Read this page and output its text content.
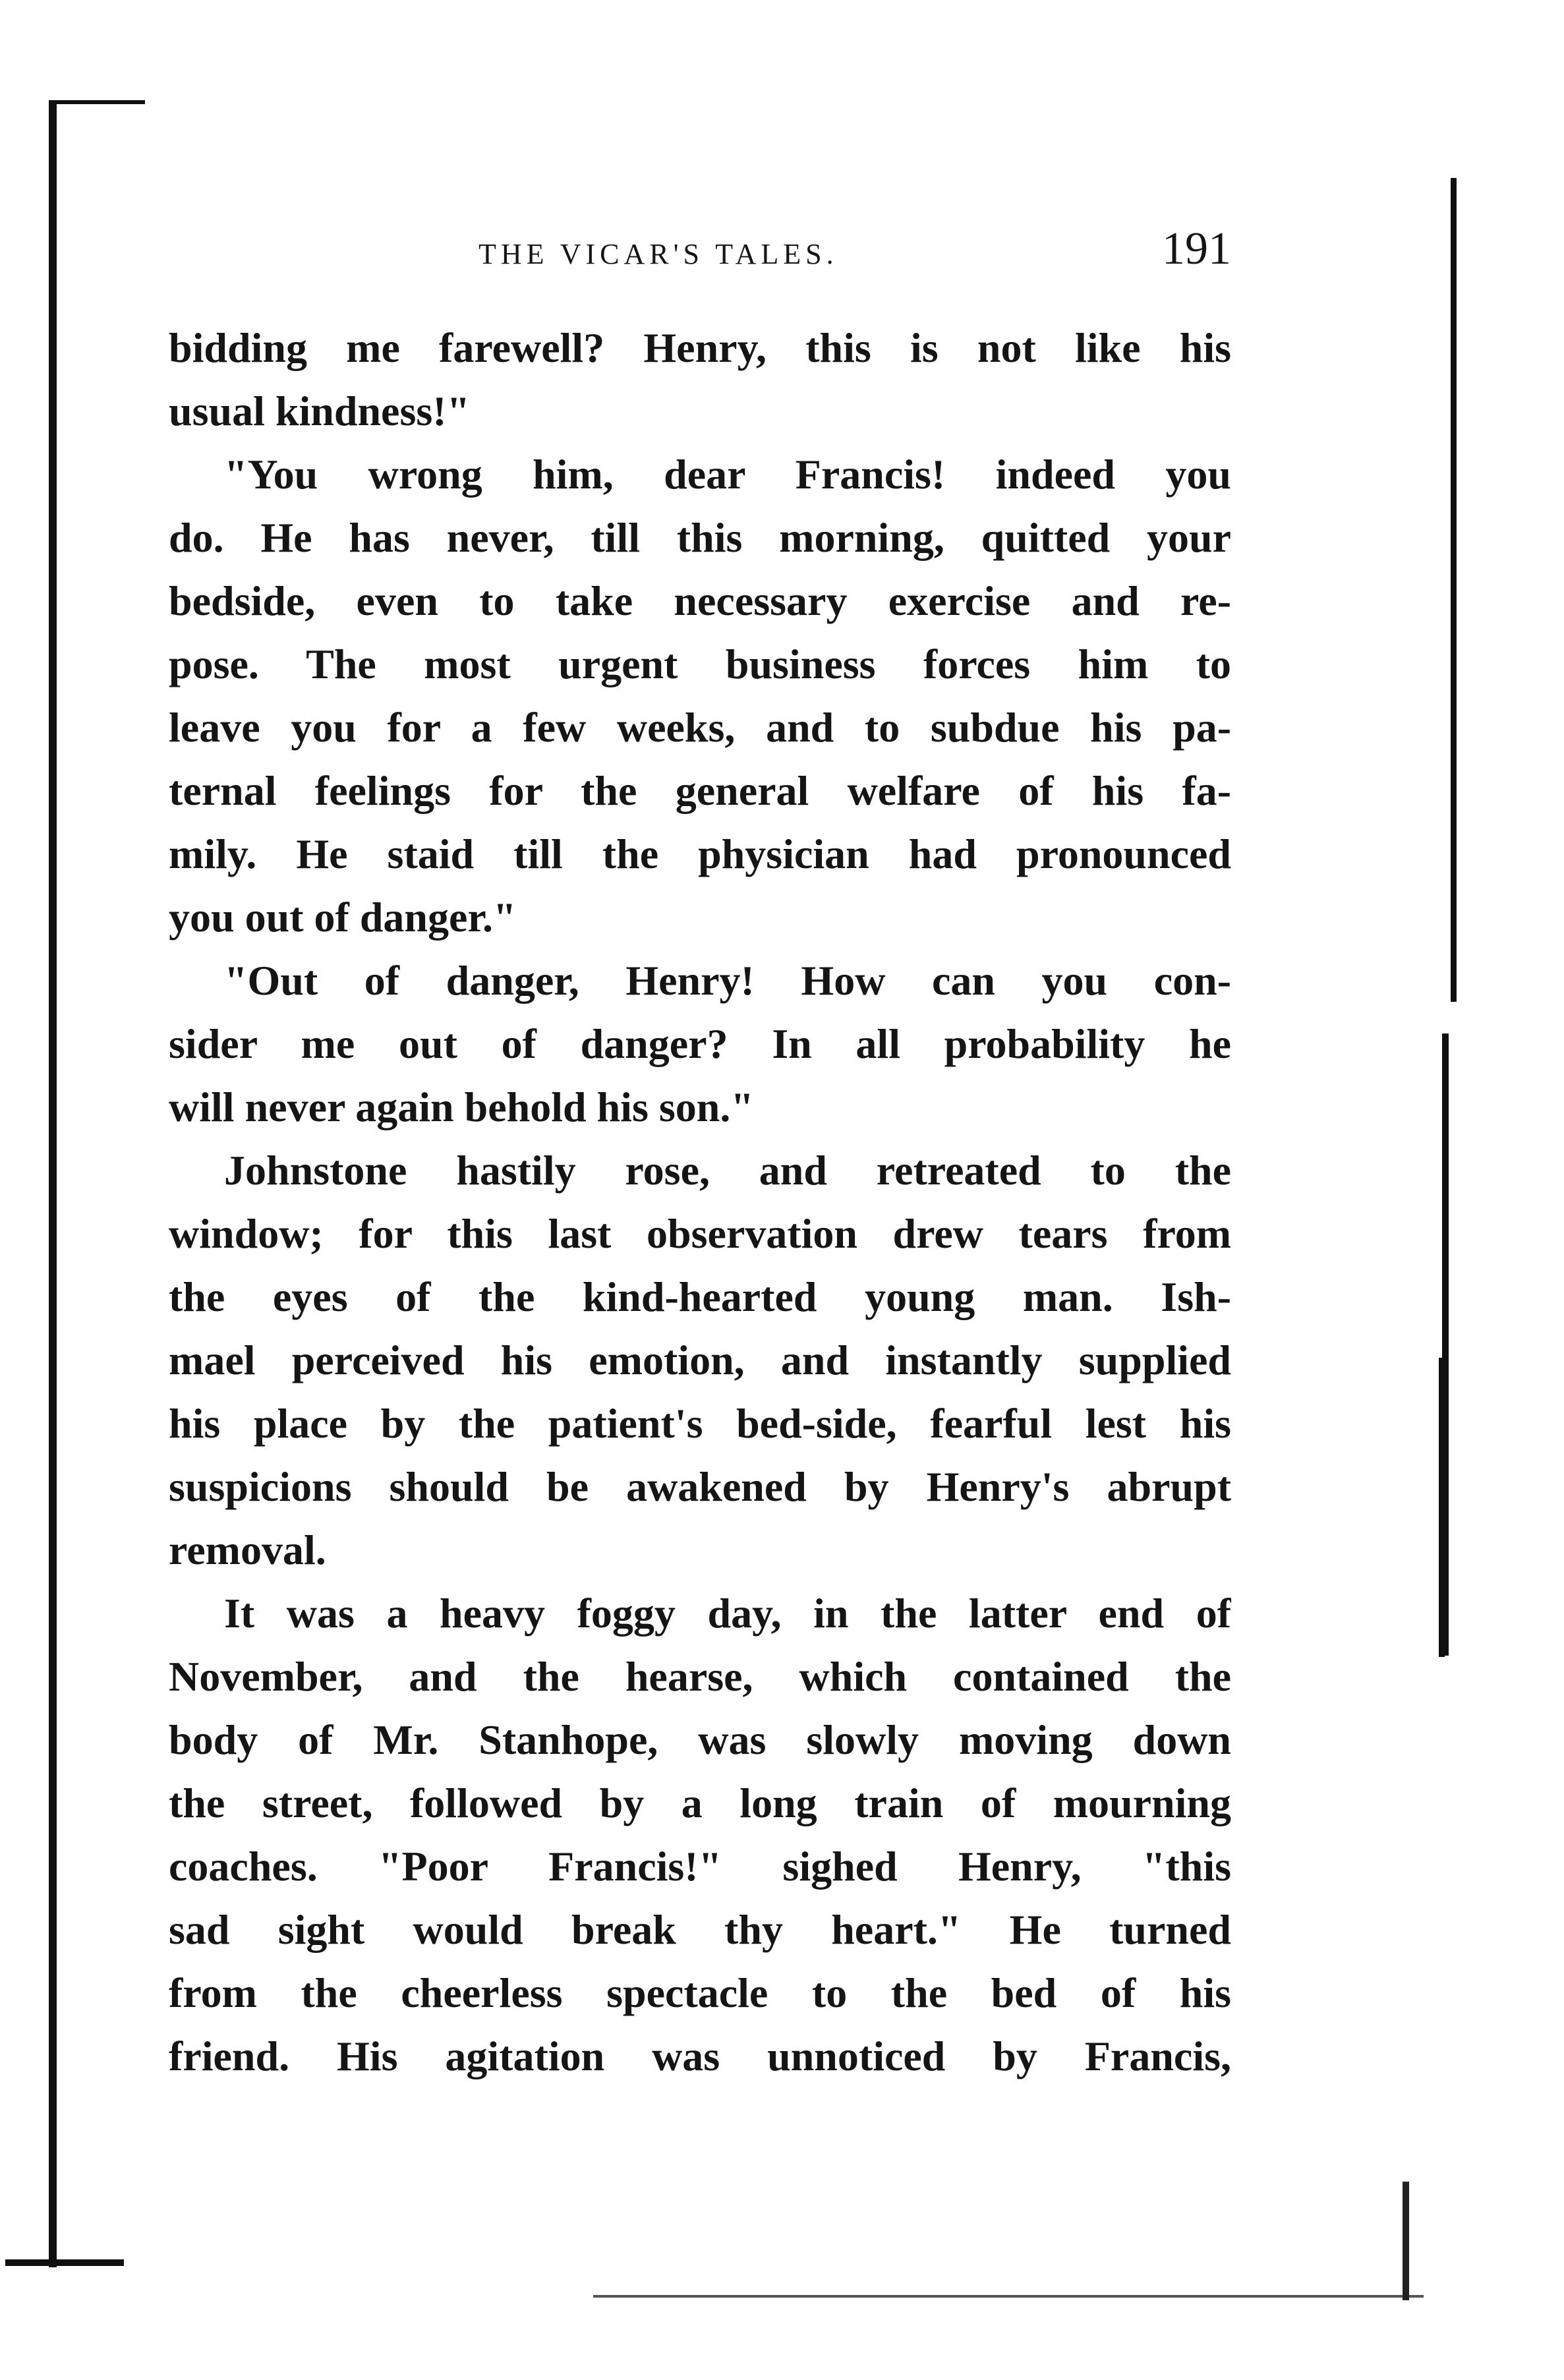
THE VICAR'S TALES.	191
bidding me farewell? Henry, this is not like his
usual kindness!"
"You wrong him, dear Francis! indeed you
do. He has never, till this morning, quitted your
bedside, even to take necessary exercise and re-
pose. The most urgent business forces him to
leave you for a few weeks, and to subdue his pa-
ternal feelings for the general welfare of his fa-
mily. He staid till the physician had pronounced
you out of danger."
"Out of danger, Henry! How can you con-
sider me out of danger? In all probability he
will never again behold his son."
Johnstone hastily rose, and retreated to the
window; for this last observation drew tears from
the eyes of the kind-hearted young man. Ish-
mael perceived his emotion, and instantly supplied
his place by the patient's bed-side, fearful lest his
suspicions should be awakened by Henry's abrupt
removal.
It was a heavy foggy day, in the latter end of
November, and the hearse, which contained the
body of Mr. Stanhope, was slowly moving down
the street, followed by a long train of mourning
coaches. "Poor Francis!" sighed Henry, "this
sad sight would break thy heart." He turned
from the cheerless spectacle to the bed of his
friend. His agitation was unnoticed by Francis,
